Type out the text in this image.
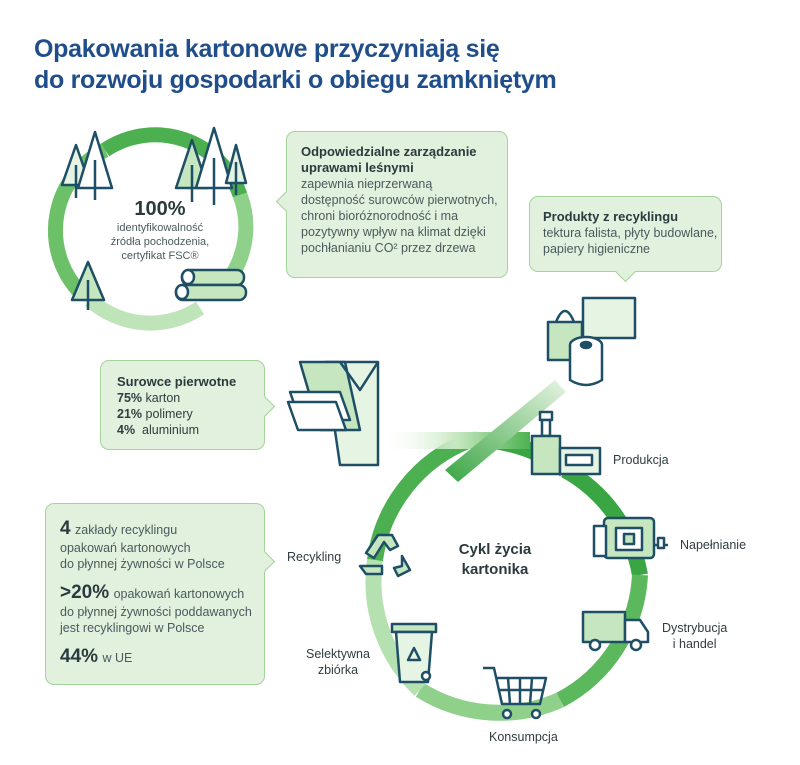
Opakowania kartonowe przyczyniają się
do rozwoju gospodarki o obiegu zamkniętym
100%
identyfikowalność
źródła pochodzenia,
certyfikat FSC®
Odpowiedzialne zarządzanie
uprawami leśnymi
zapewnia nieprzerwaną
dostępność surowców pierwotnych,
chroni bioróżnorodność i ma
pozytywny wpływ na klimat dzięki
pochłanianiu CO² przez drzewa
Produkty z recyklingu
tektura falista, płyty budowlane,
papiery higieniczne
Surowce pierwotne
75% karton
21% polimery
4% aluminium
4 zakłady recyklingu
opakowań kartonowych
do płynnej żywności w Polsce
>20% opakowań kartonowych
do płynnej żywności poddawanych
jest recyklingowi w Polsce
44% w UE
Cykl życia
kartonika
Produkcja
Napełnianie
Dystrybucja
i handel
Konsumpcja
Selektywna
zbiórka
Recykling
